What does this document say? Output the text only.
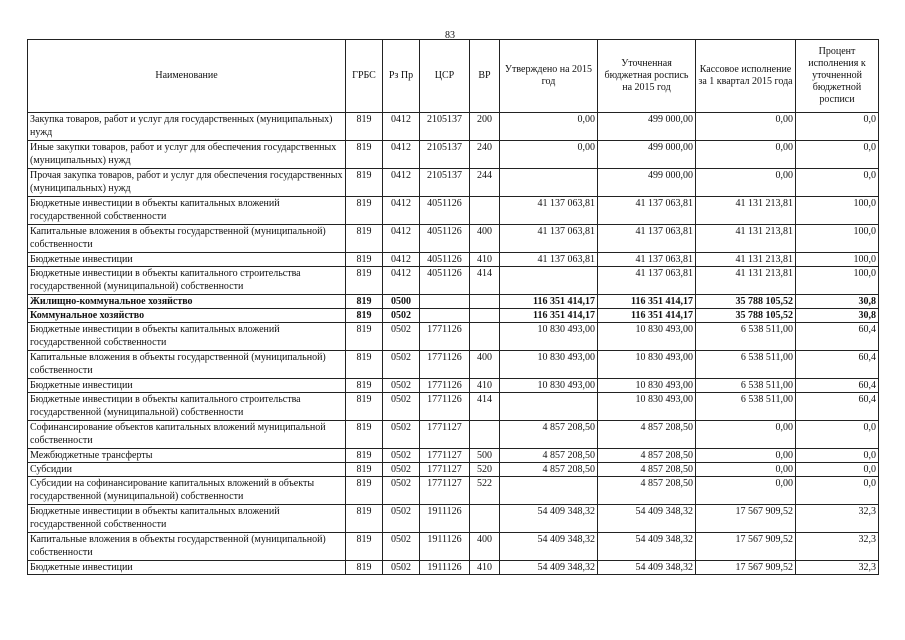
83
Наименование	ГРБС	Рз Пр	ЦСР	ВР	Утверждено на 2015 год	Уточненная бюджетная роспись на 2015 год	Кассовое исполнение за 1 квартал 2015 года	Процент исполнения к уточненной бюджетной росписи
Закупка товаров, работ и услуг для государственных (муниципальных) нужд	819	0412	2105137	200	0,00	499 000,00	0,00	0,0
Иные закупки товаров, работ и услуг для обеспечения государственных (муниципальных) нужд	819	0412	2105137	240	0,00	499 000,00	0,00	0,0
Прочая закупка товаров, работ и услуг для обеспечения государственных (муниципальных) нужд	819	0412	2105137	244		499 000,00	0,00	0,0
Бюджетные инвестиции в объекты капитальных вложений государственной собственности	819	0412	4051126		41 137 063,81	41 137 063,81	41 131 213,81	100,0
Капитальные вложения в объекты государственной (муниципальной) собственности	819	0412	4051126	400	41 137 063,81	41 137 063,81	41 131 213,81	100,0
Бюджетные инвестиции	819	0412	4051126	410	41 137 063,81	41 137 063,81	41 131 213,81	100,0
Бюджетные инвестиции в объекты капитального строительства государственной (муниципальной) собственности	819	0412	4051126	414		41 137 063,81	41 131 213,81	100,0
Жилищно-коммунальное хозяйство	819	0500			116 351 414,17	116 351 414,17	35 788 105,52	30,8
Коммунальное хозяйство	819	0502			116 351 414,17	116 351 414,17	35 788 105,52	30,8
Бюджетные инвестиции в объекты капитальных вложений государственной собственности	819	0502	1771126		10 830 493,00	10 830 493,00	6 538 511,00	60,4
Капитальные вложения в объекты государственной (муниципальной) собственности	819	0502	1771126	400	10 830 493,00	10 830 493,00	6 538 511,00	60,4
Бюджетные инвестиции	819	0502	1771126	410	10 830 493,00	10 830 493,00	6 538 511,00	60,4
Бюджетные инвестиции в объекты капитального строительства государственной (муниципальной) собственности	819	0502	1771126	414		10 830 493,00	6 538 511,00	60,4
Софинансирование объектов капитальных вложений муниципальной собственности	819	0502	1771127		4 857 208,50	4 857 208,50	0,00	0,0
Межбюджетные трансферты	819	0502	1771127	500	4 857 208,50	4 857 208,50	0,00	0,0
Субсидии	819	0502	1771127	520	4 857 208,50	4 857 208,50	0,00	0,0
Субсидии на софинансирование капитальных вложений в объекты государственной (муниципальной) собственности	819	0502	1771127	522		4 857 208,50	0,00	0,0
Бюджетные инвестиции в объекты капитальных вложений государственной собственности	819	0502	1911126		54 409 348,32	54 409 348,32	17 567 909,52	32,3
Капитальные вложения в объекты государственной (муниципальной) собственности	819	0502	1911126	400	54 409 348,32	54 409 348,32	17 567 909,52	32,3
Бюджетные инвестиции	819	0502	1911126	410	54 409 348,32	54 409 348,32	17 567 909,52	32,3
